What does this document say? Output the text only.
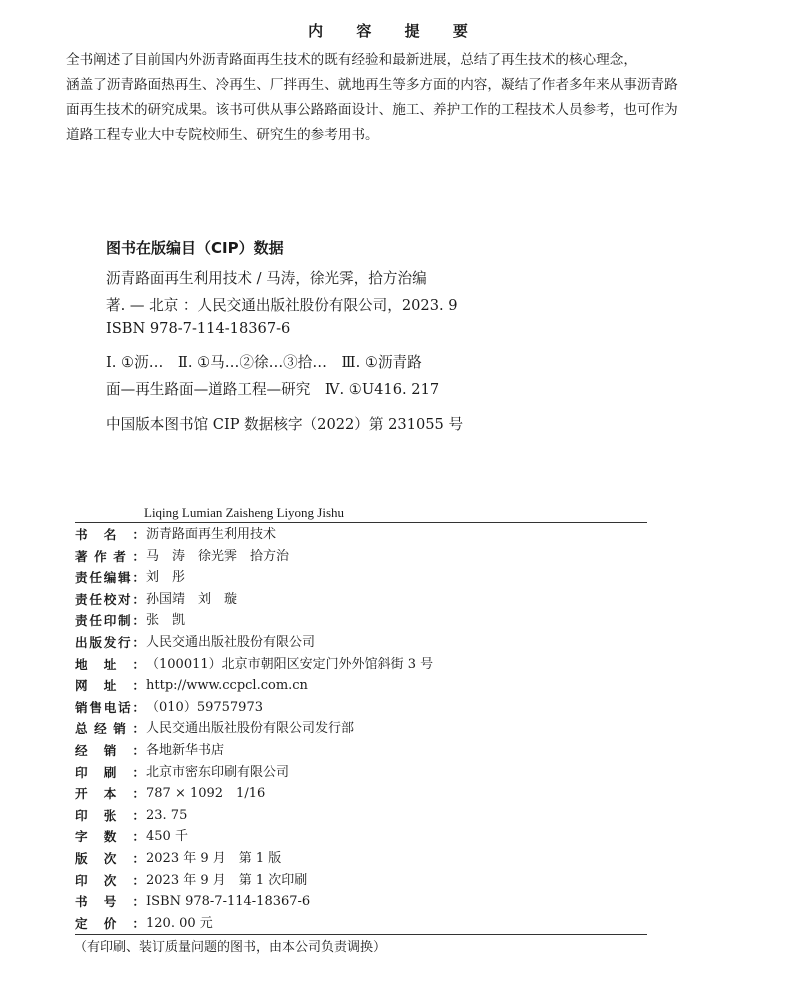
内 容 提 要
全书阐述了目前国内外沥青路面再生技术的既有经验和最新进展，总结了再生技术的核心理念，
涵盖了沥青路面热再生、冷再生、厂拌再生、就地再生等多方面的内容，凝结了作者多年来从事沥青路
面再生技术的研究成果。该书可供从事公路路面设计、施工、养护工作的工程技术人员参考，也可作为
道路工程专业大中专院校师生、研究生的参考用书。
图书在版编目（CIP）数据
沥青路面再生利用技术 / 马涛，徐光霁，拾方治编
著. — 北京 ：人民交通出版社股份有限公司，2023. 9
ISBN 978-7-114-18367-6
Ⅰ. ①沥…　Ⅱ. ①马…②徐…③拾…　Ⅲ. ①沥青路
面—再生路面—道路工程—研究　Ⅳ. ①U416. 217
中国版本图书馆 CIP 数据核字（2022）第 231055 号
Liqing Lumian Zaisheng Liyong Jishu
书 名 ： 沥青路面再生利用技术
著 作 者 ： 马　涛　徐光霁　拾方治
责 任 编 辑 ： 刘　彤
责 任 校 对 ： 孙国靖　刘　璇
责 任 印 制 ： 张　凯
出 版 发 行 ： 人民交通出版社股份有限公司
地 址 ： （100011）北京市朝阳区安定门外外馆斜街 3 号
网 址 ： http://www.ccpcl.com.cn
销 售 电 话 ： （010）59757973
总 经 销 ： 人民交通出版社股份有限公司发行部
经 销 ： 各地新华书店
印 刷 ： 北京市密东印刷有限公司
开 本 ： 787 × 1092　1/16
印 张 ： 23. 75
字 数 ： 450 千
版 次 ： 2023 年 9 月　第 1 版
印 次 ： 2023 年 9 月　第 1 次印刷
书 号 ： ISBN 978-7-114-18367-6
定 价 ： 120. 00 元
（有印刷、装订质量问题的图书，由本公司负责调换）
